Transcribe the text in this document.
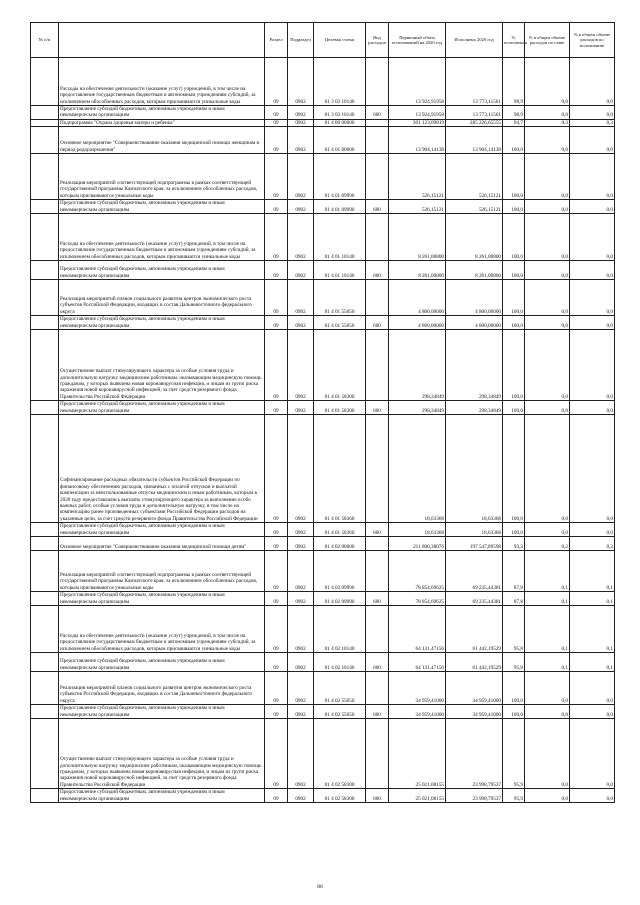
№ п/п		Раздел	Подраздел	Целевая статья	Вид расходов	Первичный объем ассигнований на 2020 год	Исполнено 2020 год	% исполнения	% в общем объеме расходов по главе	% в общем объеме расходов по исполнению
	Расходы на обеспечение деятельности (оказание услуг) учреждений, в том числе на предоставление государственным бюджетным и автономным учреждениям субсидий, за исключением обособленных расходов, которым присваиваются уникальные коды	09	0902	01 3 03 10140		13 924,91958	13 773,11561	98,9	0,0	0,0
	Предоставление субсидий бюджетным, автономным учреждениям и иным некоммерческим организациям	09	0902	01 3 03 10140	600	13 924,91958	13 773,11561	98,9	0,0	0,0
	Подпрограмма "Охрана здоровья матери и ребенка"	09	0902	01 4 00 00000		301 123,09819	285 226,65555	94,7	0,3	0,3
	Основное мероприятие "Совершенствование оказания медицинской помощи женщинам в период родоразрешения"	09	0902	01 4 01 00000		13 904,14138	13 904,14138	100,0	0,0	0,0
	Реализация мероприятий соответствующей подпрограммы в рамках соответствующей государственной программы Камчатского края, за исключением обособленных расходов, которым присваиваются уникальные коды	09	0902	01 4 01 09990		526,15121	526,15121	100,0	0,0	0,0
	Предоставление субсидий бюджетным, автономным учреждениям и иным некоммерческим организациям	09	0902	01 4 01 09990	600	526,15121	526,15121	100,0	0,0	0,0
	Расходы на обеспечение деятельности (оказание услуг) учреждений, в том числе на предоставление государственным бюджетным и автономным учреждениям субсидий, за исключением обособленных расходов, которым присваиваются уникальные коды	09	0902	01 4 01 10140		8 261,00800	8 261,00800	100,0	0,0	0,0
	Предоставление субсидий бюджетным, автономным учреждениям и иным некоммерческим организациям	09	0902	01 4 01 10140	600	8 261,00800	8 261,00800	100,0	0,0	0,0
	Реализация мероприятий планов социального развития центров экономического роста субъектов Российской Федерации, входящих в состав Дальневосточного федерального округа	09	0902	01 4 01 55050		4 800,00000	4 800,00000	100,0	0,0	0,0
	Предоставление субсидий бюджетным, автономным учреждениям и иным некоммерческим организациям	09	0902	01 4 01 55050	600	4 800,00000	4 800,00000	100,0	0,0	0,0
	Осуществление выплат стимулирующего характера за особые условия труда и дополнительную нагрузку медицинским работникам, оказывающим медицинскую помощь гражданам, у которых выявлена новая коронавирусная инфекция, и лицам из групп риска заражения новой коронавирусной инфекцией, за счет средств резервного фонда Правительства Российской Федерации	09	0902	01 4 01 58300		298,34849	298,34849	100,0	0,0	0,0
	Предоставление субсидий бюджетным, автономным учреждениям и иным некоммерческим организациям	09	0902	01 4 01 58300	600	298,34849	298,34849	100,0	0,0	0,0
	Софинансирование расходных обязательств субъектов Российской Федерации по финансовому обеспечению расходов, связанных с оплатой отпусков и выплатой компенсации за неиспользованные отпуска медицинским и иным работникам, которым в 2020 году предоставлялись выплаты стимулирующего характера за выполнение особо важных работ, особые условия труда и дополнительную нагрузку, в том числе на компенсацию ранее произведенных субъектами Российской Федерации расходов на указанные цели, за счет средств резервного фонда Правительства Российской Федерации	09	0902	01 4 01 58360		18,63368	18,63368	100,0	0,0	0,0
	Предоставление субсидий бюджетным, автономным учреждениям и иным некоммерческим организациям	09	0902	01 4 01 58360	600	18,63368	18,63368	100,0	0,0	0,0
	Основное мероприятие "Совершенствование оказания медицинской помощи детям"	09	0902	01 4 02 00000		211 800,38076	197 547,89598	93,3	0,2	0,2
	Реализация мероприятий соответствующей подпрограммы в рамках соответствующей государственной программы Камчатского края, за исключением обособленных расходов, которым присваиваются уникальные коды	09	0902	01 4 02 09990		78 854,69625	69 235,44381	87,8	0,1	0,1
	Предоставление субсидий бюджетным, автономным учреждениям и иным некоммерческим организациям	09	0902	01 4 02 09990	600	78 854,69625	69 235,44381	87,8	0,1	0,1
	Расходы на обеспечение деятельности (оказание услуг) учреждений, в том числе на предоставление государственным бюджетным и автономным учреждениям субсидий, за исключением обособленных расходов, которым присваиваются уникальные коды	09	0902	01 4 02 10140		64 131,47156	61 442,19529	95,8	0,1	0,1
	Предоставление субсидий бюджетным, автономным учреждениям и иным некоммерческим организациям	09	0902	01 4 02 10140	600	64 131,47156	61 442,19529	95,8	0,1	0,1
	Реализация мероприятий планов социального развития центров экономического роста субъектов Российской Федерации, входящих в состав Дальневосточного федерального округа	09	0902	01 4 02 55050		34 959,41000	34 959,41000	100,0	0,0	0,0
	Предоставление субсидий бюджетным, автономным учреждениям и иным некоммерческим организациям	09	0902	01 4 02 55050	600	34 959,41000	34 959,41000	100,0	0,0	0,0
	Осуществление выплат стимулирующего характера за особые условия труда и дополнительную нагрузку медицинским работникам, оказывающим медицинскую помощь гражданам, у которых выявлена новая коронавирусная инфекция, и лицам из групп риска заражения новой коронавирусной инфекцией, за счет средств резервного фонда Правительства Российской Федерации	09	0902	01 4 02 58300		25 021,08155	23 998,79537	95,9	0,0	0,0
	Предоставление субсидий бюджетным, автономным учреждениям и иным некоммерческим организациям	09	0902	01 4 02 58300	600	25 021,08155	23 998,79537	95,9	0,0	0,0
86
